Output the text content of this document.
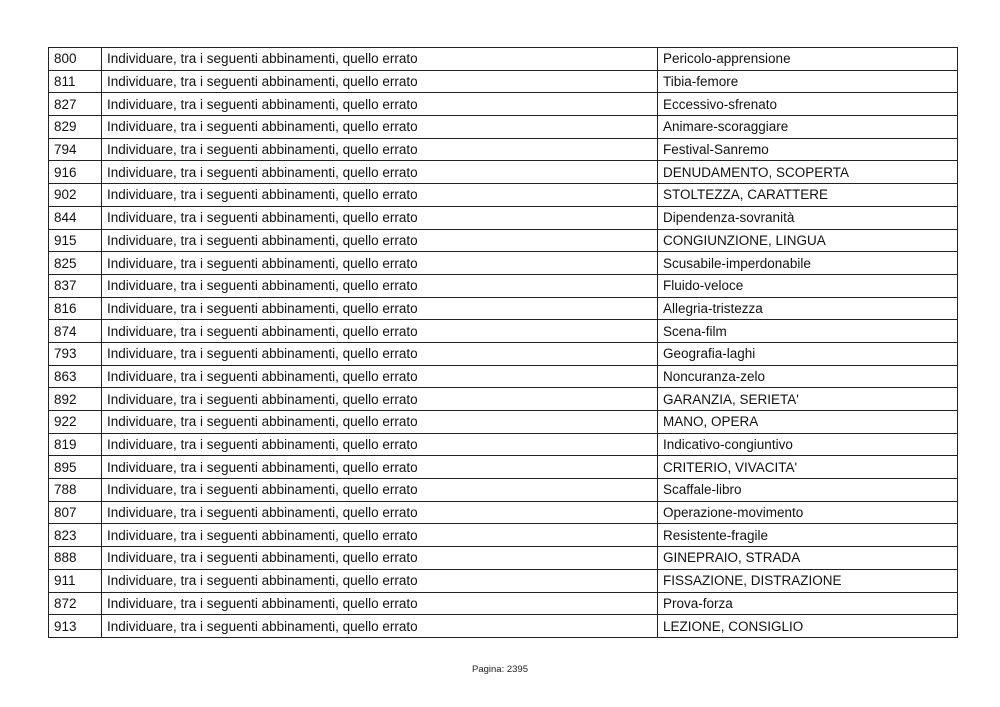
800	Individuare, tra i seguenti abbinamenti, quello errato	Pericolo-apprensione
811	Individuare, tra i seguenti abbinamenti, quello errato	Tibia-femore
827	Individuare, tra i seguenti abbinamenti, quello errato	Eccessivo-sfrenato
829	Individuare, tra i seguenti abbinamenti, quello errato	Animare-scoraggiare
794	Individuare, tra i seguenti abbinamenti, quello errato	Festival-Sanremo
916	Individuare, tra i seguenti abbinamenti, quello errato	DENUDAMENTO, SCOPERTA
902	Individuare, tra i seguenti abbinamenti, quello errato	STOLTEZZA, CARATTERE
844	Individuare, tra i seguenti abbinamenti, quello errato	Dipendenza-sovranità
915	Individuare, tra i seguenti abbinamenti, quello errato	CONGIUNZIONE, LINGUA
825	Individuare, tra i seguenti abbinamenti, quello errato	Scusabile-imperdonabile
837	Individuare, tra i seguenti abbinamenti, quello errato	Fluido-veloce
816	Individuare, tra i seguenti abbinamenti, quello errato	Allegria-tristezza
874	Individuare, tra i seguenti abbinamenti, quello errato	Scena-film
793	Individuare, tra i seguenti abbinamenti, quello errato	Geografia-laghi
863	Individuare, tra i seguenti abbinamenti, quello errato	Noncuranza-zelo
892	Individuare, tra i seguenti abbinamenti, quello errato	GARANZIA, SERIETA'
922	Individuare, tra i seguenti abbinamenti, quello errato	MANO, OPERA
819	Individuare, tra i seguenti abbinamenti, quello errato	Indicativo-congiuntivo
895	Individuare, tra i seguenti abbinamenti, quello errato	CRITERIO, VIVACITA'
788	Individuare, tra i seguenti abbinamenti, quello errato	Scaffale-libro
807	Individuare, tra i seguenti abbinamenti, quello errato	Operazione-movimento
823	Individuare, tra i seguenti abbinamenti, quello errato	Resistente-fragile
888	Individuare, tra i seguenti abbinamenti, quello errato	GINEPRAIO, STRADA
911	Individuare, tra i seguenti abbinamenti, quello errato	FISSAZIONE, DISTRAZIONE
872	Individuare, tra i seguenti abbinamenti, quello errato	Prova-forza
913	Individuare, tra i seguenti abbinamenti, quello errato	LEZIONE, CONSIGLIO
Pagina: 2395
